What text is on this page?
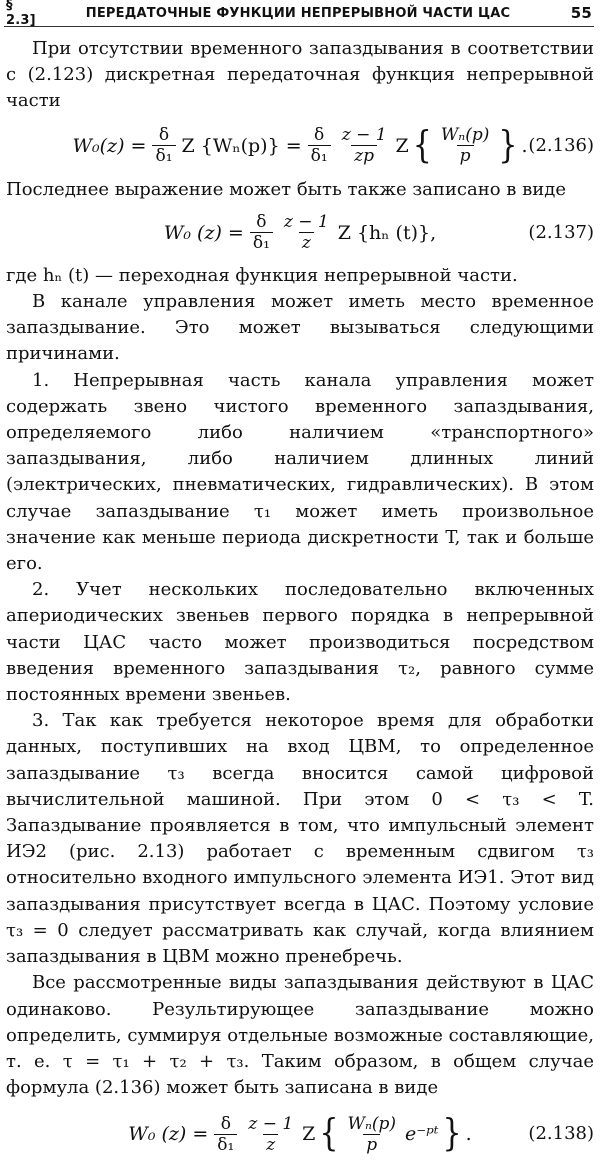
§ 2.3]	ПЕРЕДАТОЧНЫЕ ФУНКЦИИ НЕПРЕРЫВНОЙ ЧАСТИ ЦАС	55

При отсутствии временного запаздывания в соответствии с (2.123) дискретная передаточная функция непрерывной части

$W_0(z) = \frac{\delta}{\text{δ₁}}$ Z $\{W_n(p)\} = \frac{\delta}{\text{δ₁}} \frac{z - 1}{zp}$ Z { $\frac{\text{Wₙ(p)}}{p}$ } . (2.136)

Последнее выражение может быть также записано в виде

W₀ $(z) = \frac{\delta}{\text{δ₁}} \frac{z - 1}{z}$ Z {hₙ (t)},	(2.137)

где hₙ (t) — переходная функция непрерывной части.

В канале управления может иметь место временное запаздывание. Это может вызываться следующими причинами.

1. Непрерывная часть канала управления может содержать звено чистого временного запаздывания, определяемого либо наличием «транспортного» запаздывания, либо наличием длинных линий (электрических, пневматических, гидравлических). В этом случае запаздывание τ₁ может иметь произвольное значение как меньше периода дискретности T, так и больше его.

2. Учет нескольких последовательно включенных апериодических звеньев первого порядка в непрерывной части ЦАС часто может производиться посредством введения временного запаздывания τ₂, равного сумме постоянных времени звеньев.

3. Так как требуется некоторое время для обработки данных, поступивших на вход ЦВМ, то определенное запаздывание τ₃ всегда вносится самой цифровой вычислительной машиной. При этом 0 < τ₃ < T. Запаздывание проявляется в том, что импульсный элемент ИЭ2 (рис. 2.13) работает с временным сдвигом τ₃ относительно входного импульсного элемента ИЭ1. Этот вид запаздывания присутствует всегда в ЦАС. Поэтому условие τ₃ = 0 следует рассматривать как случай, когда влиянием запаздывания в ЦВМ можно пренебречь.

Все рассмотренные виды запаздывания действуют в ЦАС одинаково. Результирующее запаздывание можно определить, суммируя отдельные возможные составляющие, т. е. τ = τ₁ + τ₂ + τ₃. Таким образом, в общем случае формула (2.136) может быть записана в виде

W₀ $(z) = \frac{\delta}{\text{δ₁}} \frac{z - 1}{z}$ Z { $\frac{\text{Wₙ(p)}}{p}$ e⁻ᵖᵗ } .	(2.138)
